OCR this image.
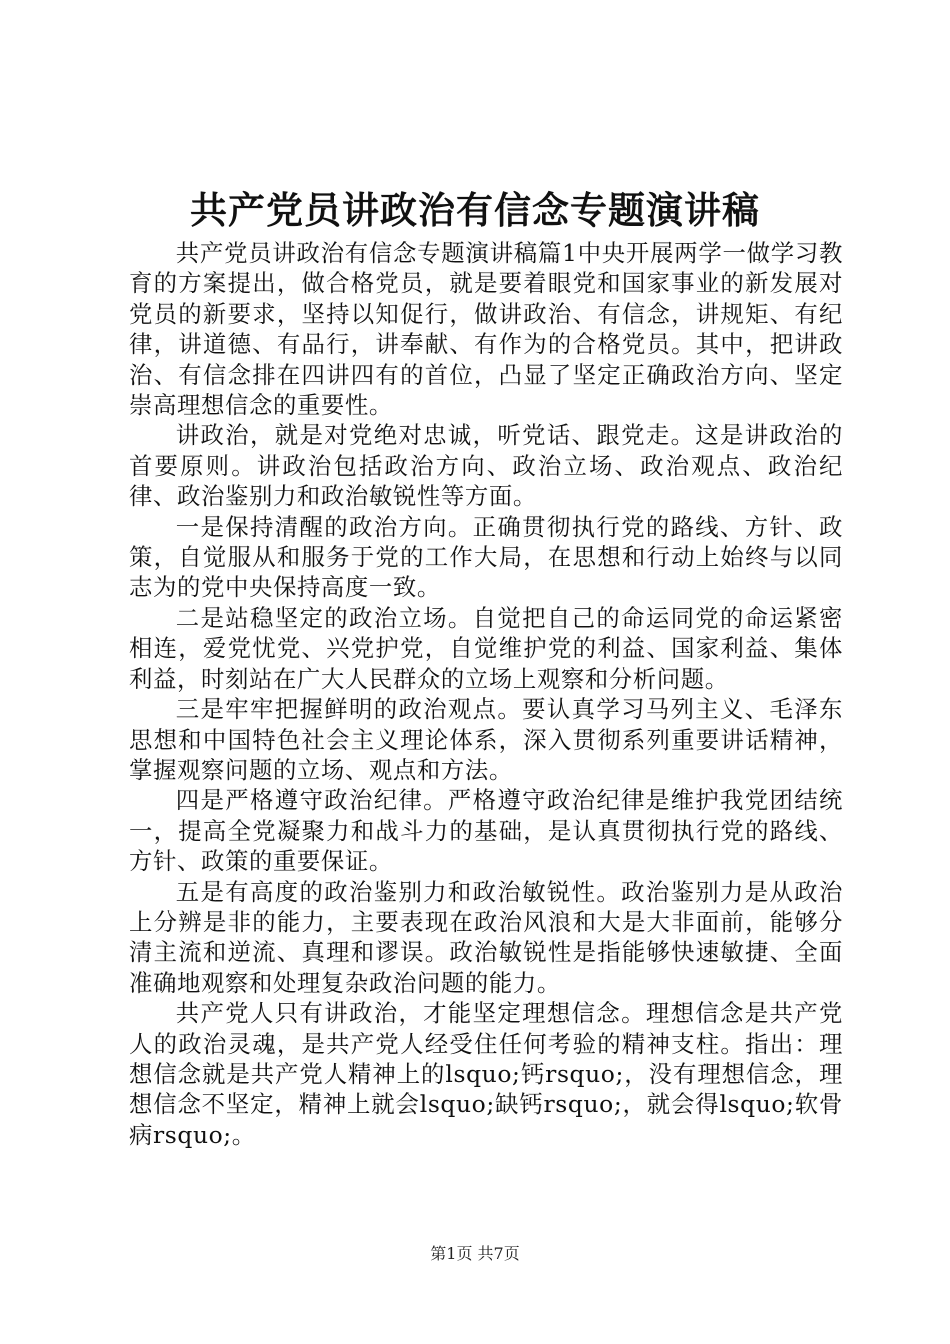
共产党员讲政治有信念专题演讲稿

共产党员讲政治有信念专题演讲稿篇1中央开展两学一做学习教育的方案提出，做合格党员，就是要着眼党和国家事业的新发展对党员的新要求，坚持以知促行，做讲政治、有信念，讲规矩、有纪律，讲道德、有品行，讲奉献、有作为的合格党员。其中，把讲政治、有信念排在四讲四有的首位，凸显了坚定正确政治方向、坚定崇高理想信念的重要性。

讲政治，就是对党绝对忠诚，听党话、跟党走。这是讲政治的首要原则。讲政治包括政治方向、政治立场、政治观点、政治纪律、政治鉴别力和政治敏锐性等方面。

一是保持清醒的政治方向。正确贯彻执行党的路线、方针、政策，自觉服从和服务于党的工作大局，在思想和行动上始终与以同志为的党中央保持高度一致。

二是站稳坚定的政治立场。自觉把自己的命运同党的命运紧密相连，爱党忧党、兴党护党，自觉维护党的利益、国家利益、集体利益，时刻站在广大人民群众的立场上观察和分析问题。

三是牢牢把握鲜明的政治观点。要认真学习马列主义、毛泽东思想和中国特色社会主义理论体系，深入贯彻系列重要讲话精神，掌握观察问题的立场、观点和方法。

四是严格遵守政治纪律。严格遵守政治纪律是维护我党团结统一，提高全党凝聚力和战斗力的基础，是认真贯彻执行党的路线、方针、政策的重要保证。

五是有高度的政治鉴别力和政治敏锐性。政治鉴别力是从政治上分辨是非的能力，主要表现在政治风浪和大是大非面前，能够分清主流和逆流、真理和谬误。政治敏锐性是指能够快速敏捷、全面准确地观察和处理复杂政治问题的能力。

共产党人只有讲政治，才能坚定理想信念。理想信念是共产党人的政治灵魂，是共产党人经受住任何考验的精神支柱。指出：理想信念就是共产党人精神上的lsquo;钙rsquo;，没有理想信念，理想信念不坚定，精神上就会lsquo;缺钙rsquo;，就会得lsquo;软骨病rsquo;。

第1页 共7页
